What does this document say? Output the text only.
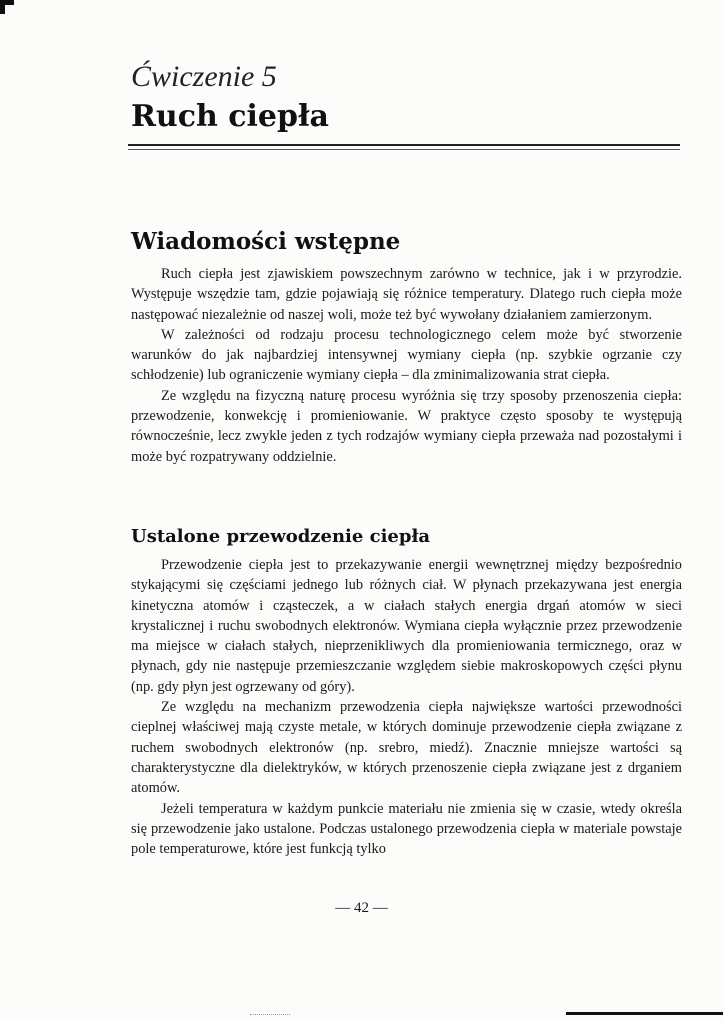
Ćwiczenie 5
Ruch ciepła
Wiadomości wstępne

Ruch ciepła jest zjawiskiem powszechnym zarówno w technice, jak i w przyrodzie. Występuje wszędzie tam, gdzie pojawiają się różnice temperatury. Dlatego ruch ciepła może następować niezależnie od naszej woli, może też być wywołany działaniem zamierzonym.

W zależności od rodzaju procesu technologicznego celem może być stworzenie warunków do jak najbardziej intensywnej wymiany ciepła (np. szybkie ogrzanie czy schłodzenie) lub ograniczenie wymiany ciepła – dla zminimalizowania strat ciepła.

Ze względu na fizyczną naturę procesu wyróżnia się trzy sposoby przenoszenia ciepła: przewodzenie, konwekcję i promieniowanie. W praktyce często sposoby te występują równocześnie, lecz zwykle jeden z tych rodzajów wymiany ciepła przeważa nad pozostałymi i może być rozpatrywany oddzielnie.

Ustalone przewodzenie ciepła

Przewodzenie ciepła jest to przekazywanie energii wewnętrznej między bezpośrednio stykającymi się częściami jednego lub różnych ciał. W płynach przekazywana jest energia kinetyczna atomów i cząsteczek, a w ciałach stałych energia drgań atomów w sieci krystalicznej i ruchu swobodnych elektronów. Wymiana ciepła wyłącznie przez przewodzenie ma miejsce w ciałach stałych, nieprzenikliwych dla promieniowania termicznego, oraz w płynach, gdy nie następuje przemieszczanie względem siebie makroskopowych części płynu (np. gdy płyn jest ogrzewany od góry).

Ze względu na mechanizm przewodzenia ciepła największe wartości przewodności cieplnej właściwej mają czyste metale, w których dominuje przewodzenie ciepła związane z ruchem swobodnych elektronów (np. srebro, miedź). Znacznie mniejsze wartości są charakterystyczne dla dielektryków, w których przenoszenie ciepła związane jest z drganiem atomów.

Jeżeli temperatura w każdym punkcie materiału nie zmienia się w czasie, wtedy określa się przewodzenie jako ustalone. Podczas ustalonego przewodzenia ciepła w materiale powstaje pole temperaturowe, które jest funkcją tylko

— 42 —
